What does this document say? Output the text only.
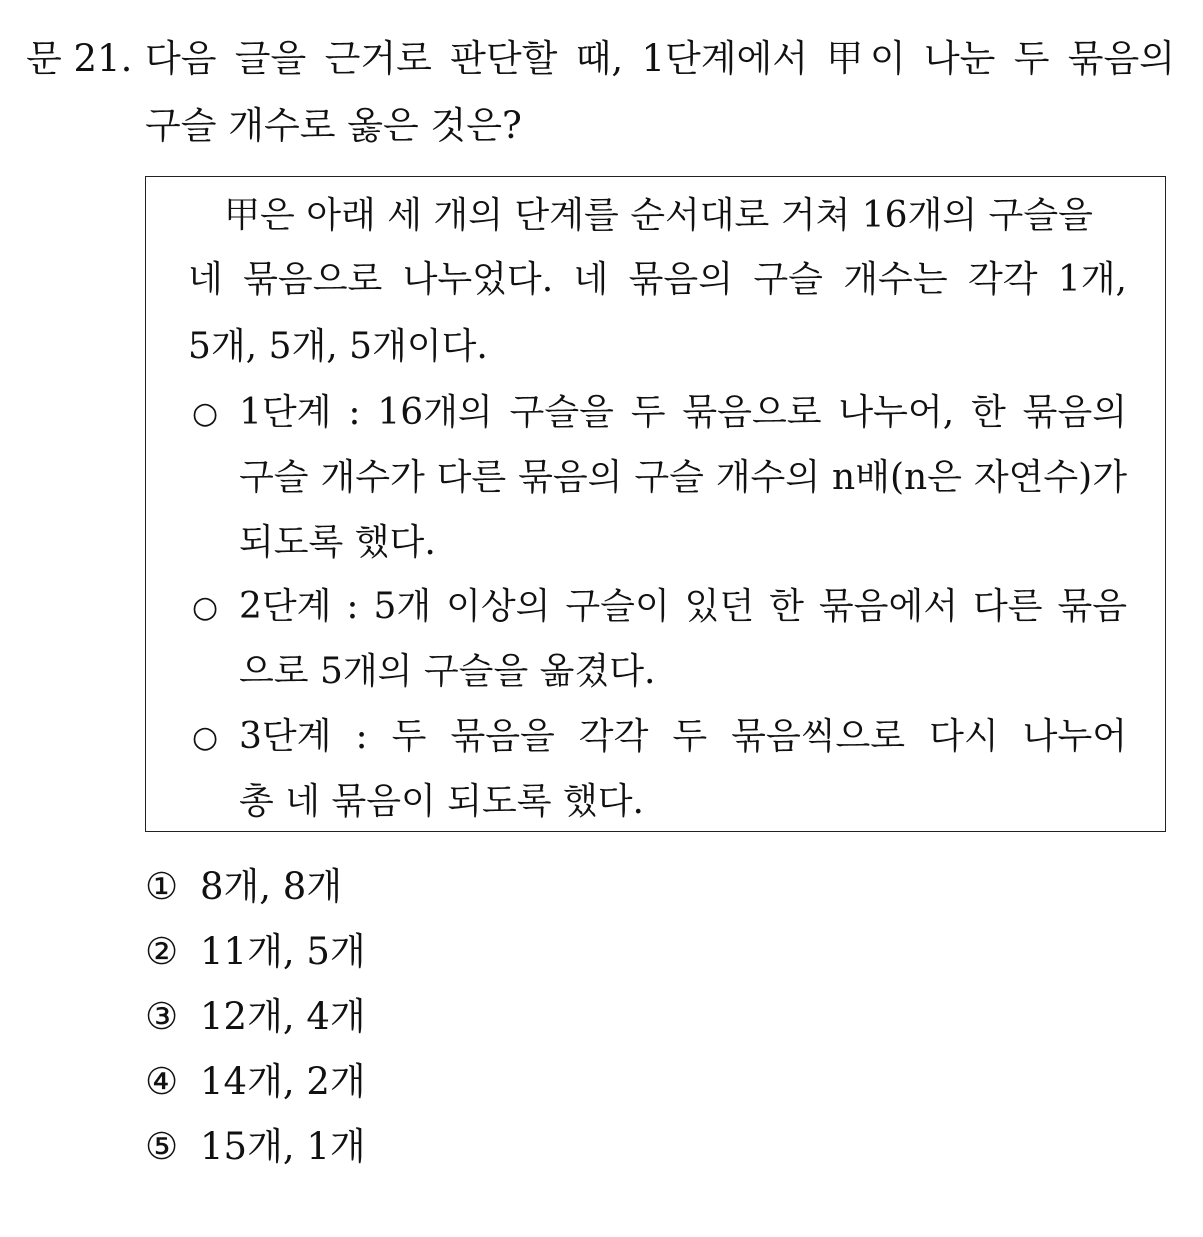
문 21. 다음 글을 근거로 판단할 때, 1단계에서 甲이 나눈 두 묶음의
구슬 개수로 옳은 것은?
甲은 아래 세 개의 단계를 순서대로 거쳐 16개의 구슬을
네 묶음으로 나누었다. 네 묶음의 구슬 개수는 각각 1개,
5개, 5개, 5개이다.
○ 1단계 : 16개의 구슬을 두 묶음으로 나누어, 한 묶음의
구슬 개수가 다른 묶음의 구슬 개수의 n배(n은 자연수)가
되도록 했다.
○ 2단계 : 5개 이상의 구슬이 있던 한 묶음에서 다른 묶음
으로 5개의 구슬을 옮겼다.
○ 3단계 : 두 묶음을 각각 두 묶음씩으로 다시 나누어
총 네 묶음이 되도록 했다.
① 8개, 8개
② 11개, 5개
③ 12개, 4개
④ 14개, 2개
⑤ 15개, 1개
